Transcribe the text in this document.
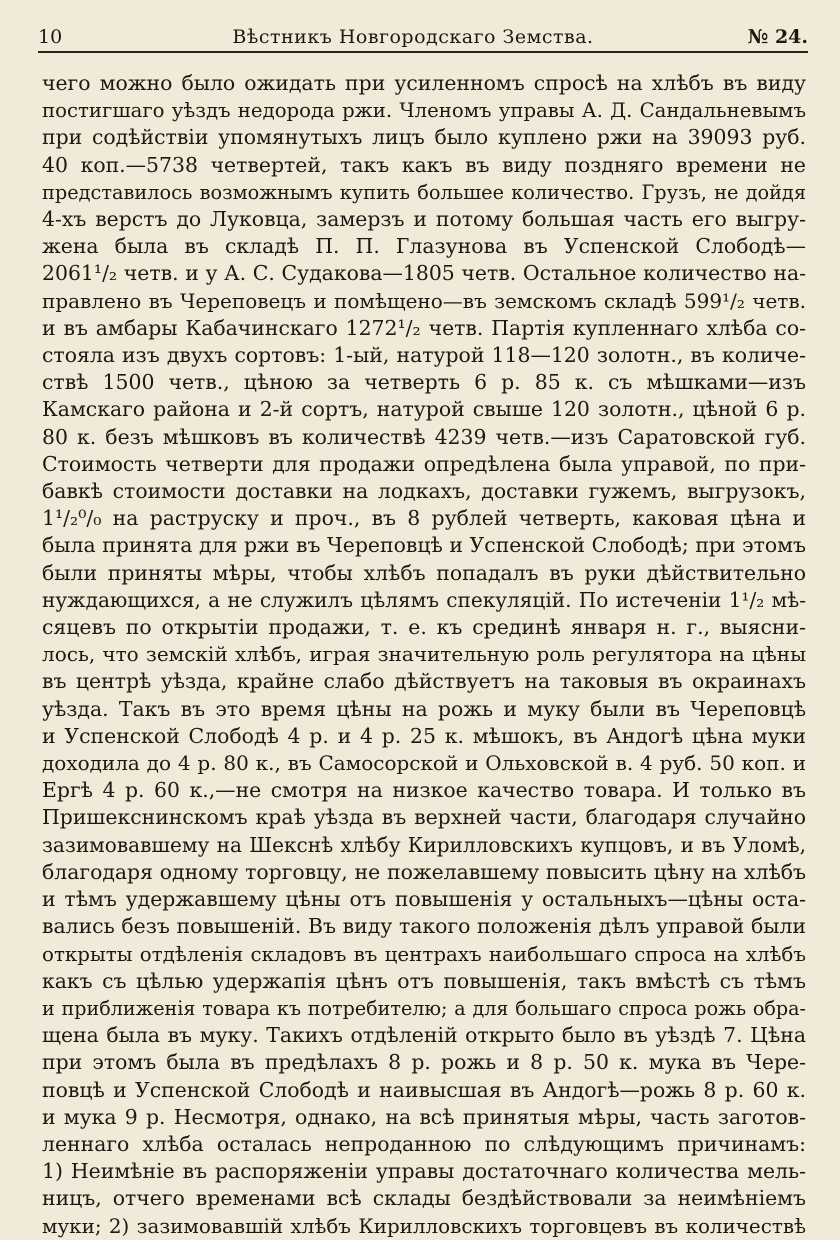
10	Вѣстникъ Новгородскаго Земства.	№ 24.
чего можно было ожидать при усиленномъ спросѣ на хлѣбъ въ виду
постигшаго уѣздъ недорода ржи. Членомъ управы А. Д. Сандальневымъ
при содѣйствіи упомянутыхъ лицъ было куплено ржи на 39093 руб.
40 коп.—5738 четвертей, такъ какъ въ виду поздняго времени не
представилось возможнымъ купить большее количество. Грузъ, не дойдя
4-хъ верстъ до Луковца, замерзъ и потому большая часть его выгру-
жена была въ складѣ П. П. Глазунова въ Успенской Слободѣ—
2061¹/₂ четв. и у А. С. Судакова—1805 четв. Остальное количество на-
правлено въ Череповецъ и помѣщено—въ земскомъ складѣ 599¹/₂ четв.
и въ амбары Кабачинскаго 1272¹/₂ четв. Партія купленнаго хлѣба со-
стояла изъ двухъ сортовъ: 1-ый, натурой 118—120 золотн., въ количе-
ствѣ 1500 четв., цѣною за четверть 6 р. 85 к. съ мѣшками—изъ
Камскаго района и 2-й сортъ, натурой свыше 120 золотн., цѣной 6 р.
80 к. безъ мѣшковъ въ количествѣ 4239 четв.—изъ Саратовской губ.
Стоимость четверти для продажи опредѣлена была управой, по при-
бавкѣ стоимости доставки на лодкахъ, доставки гужемъ, выгрузокъ,
1¹/₂⁰/₀ на раструску и проч., въ 8 рублей четверть, каковая цѣна и
была принята для ржи въ Череповцѣ и Успенской Слободѣ; при этомъ
были приняты мѣры, чтобы хлѣбъ попадалъ въ руки дѣйствительно
нуждающихся, а не служилъ цѣлямъ спекуляцій. По истеченіи 1¹/₂ мѣ-
сяцевъ по открытіи продажи, т. е. къ срединѣ января н. г., выясни-
лось, что земскій хлѣбъ, играя значительную роль регулятора на цѣны
въ центрѣ уѣзда, крайне слабо дѣйствуетъ на таковыя въ окраинахъ
уѣзда. Такъ въ это время цѣны на рожь и муку были въ Череповцѣ
и Успенской Слободѣ 4 р. и 4 р. 25 к. мѣшокъ, въ Андогѣ цѣна муки
доходила до 4 р. 80 к., въ Самосорской и Ольховской в. 4 руб. 50 коп. и
Ергѣ 4 р. 60 к.,—не смотря на низкое качество товара. И только въ
Пришекснинскомъ краѣ уѣзда въ верхней части, благодаря случайно
зазимовавшему на Шекснѣ хлѣбу Кирилловскихъ купцовъ, и въ Уломѣ,
благодаря одному торговцу, не пожелавшему повысить цѣну на хлѣбъ
и тѣмъ удержавшему цѣны отъ повышенія у остальныхъ—цѣны оста-
вались безъ повышеній. Въ виду такого положенія дѣлъ управой были
открыты отдѣленія складовъ въ центрахъ наибольшаго спроса на хлѣбъ
какъ съ цѣлью удержапія цѣнъ отъ повышенія, такъ вмѣстѣ съ тѣмъ
и приближенія товара къ потребителю; а для большаго спроса рожь обра-
щена была въ муку. Такихъ отдѣленій открыто было въ уѣздѣ 7. Цѣна
при этомъ была въ предѣлахъ 8 р. рожь и 8 р. 50 к. мука въ Чере-
повцѣ и Успенской Слободѣ и наивысшая въ Андогѣ—рожь 8 р. 60 к.
и мука 9 р. Несмотря, однако, на всѣ принятыя мѣры, часть заготов-
леннаго хлѣба осталась непроданною по слѣдующимъ причинамъ:
1) Неимѣніе въ распоряженіи управы достаточнаго количества мель-
ницъ, отчего временами всѣ склады бездѣйствовали за неимѣніемъ
муки; 2) зазимовавшій хлѣбъ Кирилловскихъ торговцевъ въ количествѣ
